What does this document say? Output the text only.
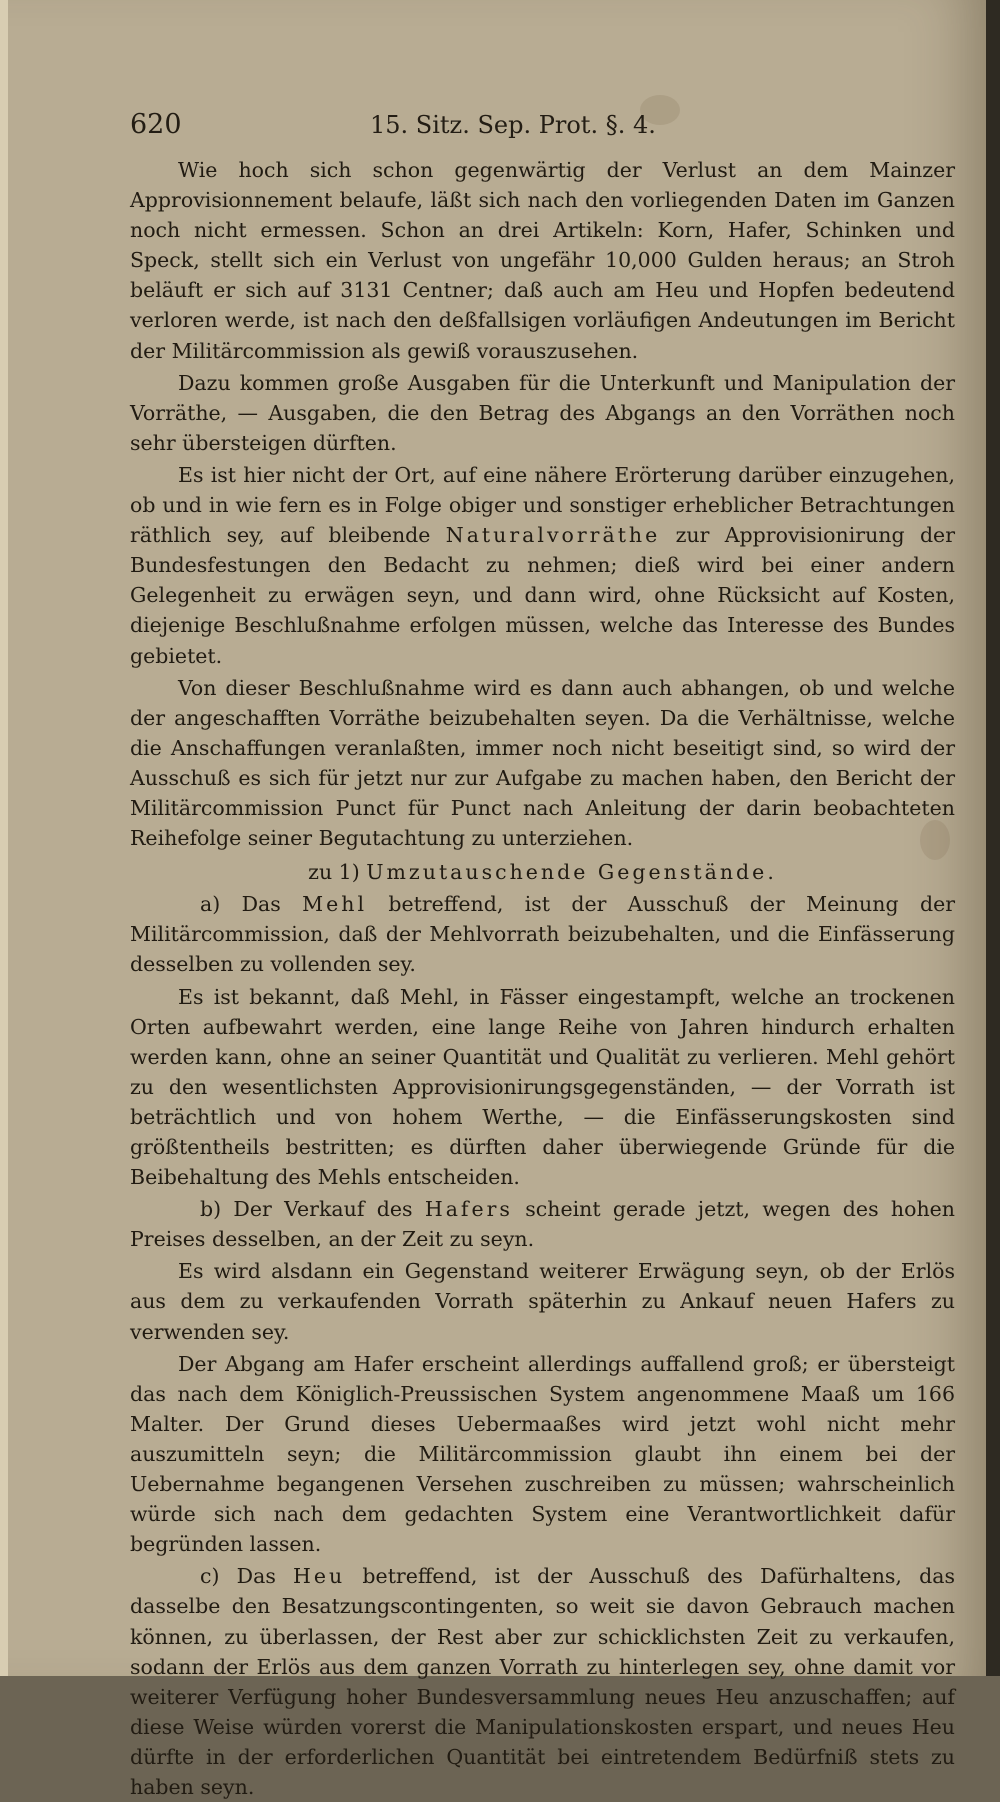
620	15. Sitz. Sep. Prot. §. 4.

Wie hoch sich schon gegenwärtig der Verlust an dem Mainzer Approvisionnement belaufe, läßt sich nach den vorliegenden Daten im Ganzen noch nicht ermessen. Schon an drei Artikeln: Korn, Hafer, Schinken und Speck, stellt sich ein Verlust von ungefähr 10,000 Gulden heraus; an Stroh beläuft er sich auf 3131 Centner; daß auch am Heu und Hopfen bedeutend verloren werde, ist nach den deßfallsigen vorläufigen Andeutungen im Bericht der Militärcommission als gewiß vorauszusehen.

Dazu kommen große Ausgaben für die Unterkunft und Manipulation der Vorräthe, — Ausgaben, die den Betrag des Abgangs an den Vorräthen noch sehr übersteigen dürften.

Es ist hier nicht der Ort, auf eine nähere Erörterung darüber einzugehen, ob und in wie fern es in Folge obiger und sonstiger erheblicher Betrachtungen räthlich sey, auf bleibende Naturalvorräthe zur Approvisionirung der Bundesfestungen den Bedacht zu nehmen; dieß wird bei einer andern Gelegenheit zu erwägen seyn, und dann wird, ohne Rücksicht auf Kosten, diejenige Beschlußnahme erfolgen müssen, welche das Interesse des Bundes gebietet.

Von dieser Beschlußnahme wird es dann auch abhangen, ob und welche der angeschafften Vorräthe beizubehalten seyen. Da die Verhältnisse, welche die Anschaffungen veranlaßten, immer noch nicht beseitigt sind, so wird der Ausschuß es sich für jetzt nur zur Aufgabe zu machen haben, den Bericht der Militärcommission Punct für Punct nach Anleitung der darin beobachteten Reihefolge seiner Begutachtung zu unterziehen.

zu 1) Umzutauschende Gegenstände.

a) Das Mehl betreffend, ist der Ausschuß der Meinung der Militärcommission, daß der Mehlvorrath beizubehalten, und die Einfässerung desselben zu vollenden sey.

Es ist bekannt, daß Mehl, in Fässer eingestampft, welche an trockenen Orten aufbewahrt werden, eine lange Reihe von Jahren hindurch erhalten werden kann, ohne an seiner Quantität und Qualität zu verlieren. Mehl gehört zu den wesentlichsten Approvisionirungsgegenständen, — der Vorrath ist beträchtlich und von hohem Werthe, — die Einfässerungskosten sind größtentheils bestritten; es dürften daher überwiegende Gründe für die Beibehaltung des Mehls entscheiden.

b) Der Verkauf des Hafers scheint gerade jetzt, wegen des hohen Preises desselben, an der Zeit zu seyn.

Es wird alsdann ein Gegenstand weiterer Erwägung seyn, ob der Erlös aus dem zu verkaufenden Vorrath späterhin zu Ankauf neuen Hafers zu verwenden sey.

Der Abgang am Hafer erscheint allerdings auffallend groß; er übersteigt das nach dem Königlich-Preussischen System angenommene Maaß um 166 Malter. Der Grund dieses Uebermaaßes wird jetzt wohl nicht mehr auszumitteln seyn; die Militärcommission glaubt ihn einem bei der Uebernahme begangenen Versehen zuschreiben zu müssen; wahrscheinlich würde sich nach dem gedachten System eine Verantwortlichkeit dafür begründen lassen.

c) Das Heu betreffend, ist der Ausschuß des Dafürhaltens, das dasselbe den Besatzungscontingenten, so weit sie davon Gebrauch machen können, zu überlassen, der Rest aber zur schicklichsten Zeit zu verkaufen, sodann der Erlös aus dem ganzen Vorrath zu hinterlegen sey, ohne damit vor weiterer Verfügung hoher Bundesversammlung neues Heu anzuschaffen; auf diese Weise würden vorerst die Manipulationskosten erspart, und neues Heu dürfte in der erforderlichen Quantität bei eintretendem Bedürfniß stets zu haben seyn.
